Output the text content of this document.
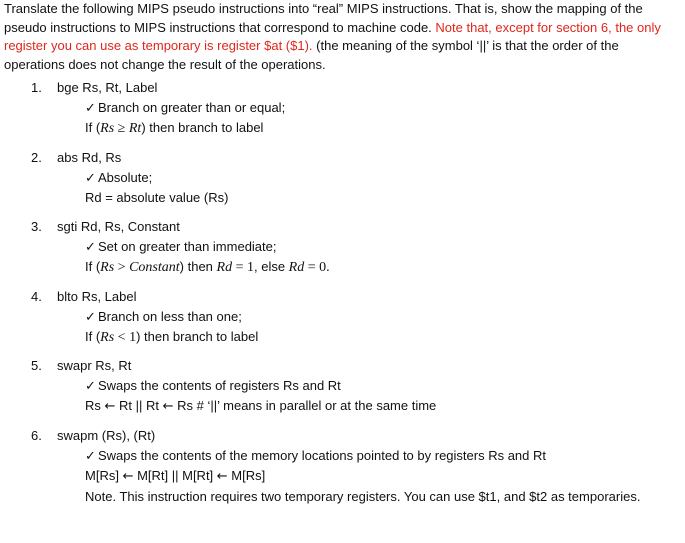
Translate the following MIPS pseudo instructions into “real” MIPS instructions. That is, show the mapping of the pseudo instructions to MIPS instructions that correspond to machine code. Note that, except for section 6, the only register you can use as temporary is register $at ($1). (the meaning of the symbol ‘||’ is that the order of the operations does not change the result of the operations.
1. bge Rs, Rt, Label
✓ Branch on greater than or equal;
If (Rs ≥ Rt) then branch to label
2. abs Rd, Rs
✓ Absolute;
Rd = absolute value (Rs)
3. sgti Rd, Rs, Constant
✓ Set on greater than immediate;
If (Rs > Constant) then Rd = 1, else Rd = 0.
4. blto Rs, Label
✓ Branch on less than one;
If (Rs < 1) then branch to label
5. swapr Rs, Rt
✓ Swaps the contents of registers Rs and Rt
Rs ← Rt || Rt ← Rs # ‘||’ means in parallel or at the same time
6. swapm (Rs), (Rt)
✓ Swaps the contents of the memory locations pointed to by registers Rs and Rt
M[Rs] ← M[Rt] || M[Rt] ← M[Rs]
Note. This instruction requires two temporary registers. You can use $t1, and $t2 as temporaries.
